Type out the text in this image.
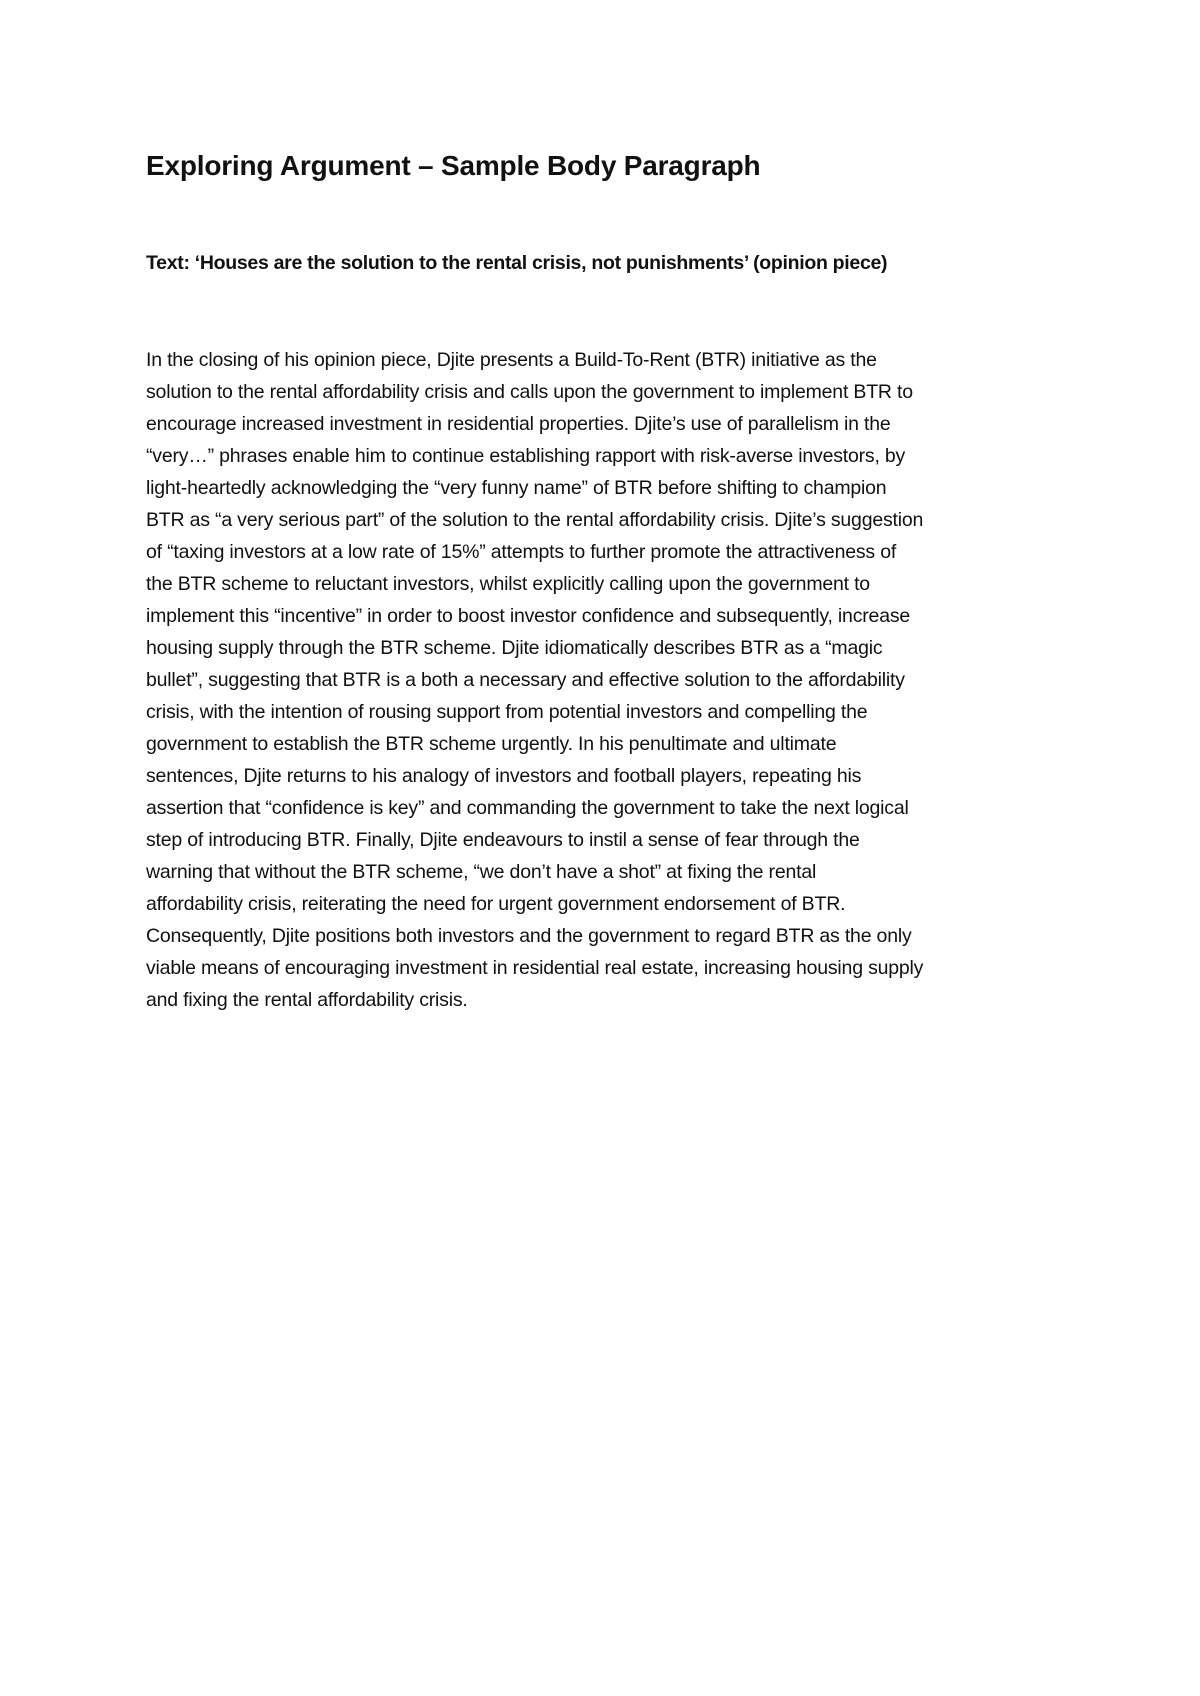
Exploring Argument – Sample Body Paragraph

Text: ‘Houses are the solution to the rental crisis, not punishments’ (opinion piece)

In the closing of his opinion piece, Djite presents a Build-To-Rent (BTR) initiative as the
solution to the rental affordability crisis and calls upon the government to implement BTR to
encourage increased investment in residential properties. Djite’s use of parallelism in the
“very…” phrases enable him to continue establishing rapport with risk-averse investors, by
light-heartedly acknowledging the “very funny name” of BTR before shifting to champion
BTR as “a very serious part” of the solution to the rental affordability crisis. Djite’s suggestion
of “taxing investors at a low rate of 15%” attempts to further promote the attractiveness of
the BTR scheme to reluctant investors, whilst explicitly calling upon the government to
implement this “incentive” in order to boost investor confidence and subsequently, increase
housing supply through the BTR scheme. Djite idiomatically describes BTR as a “magic
bullet”, suggesting that BTR is a both a necessary and effective solution to the affordability
crisis, with the intention of rousing support from potential investors and compelling the
government to establish the BTR scheme urgently. In his penultimate and ultimate
sentences, Djite returns to his analogy of investors and football players, repeating his
assertion that “confidence is key” and commanding the government to take the next logical
step of introducing BTR. Finally, Djite endeavours to instil a sense of fear through the
warning that without the BTR scheme, “we don’t have a shot” at fixing the rental
affordability crisis, reiterating the need for urgent government endorsement of BTR.
Consequently, Djite positions both investors and the government to regard BTR as the only
viable means of encouraging investment in residential real estate, increasing housing supply
and fixing the rental affordability crisis.
